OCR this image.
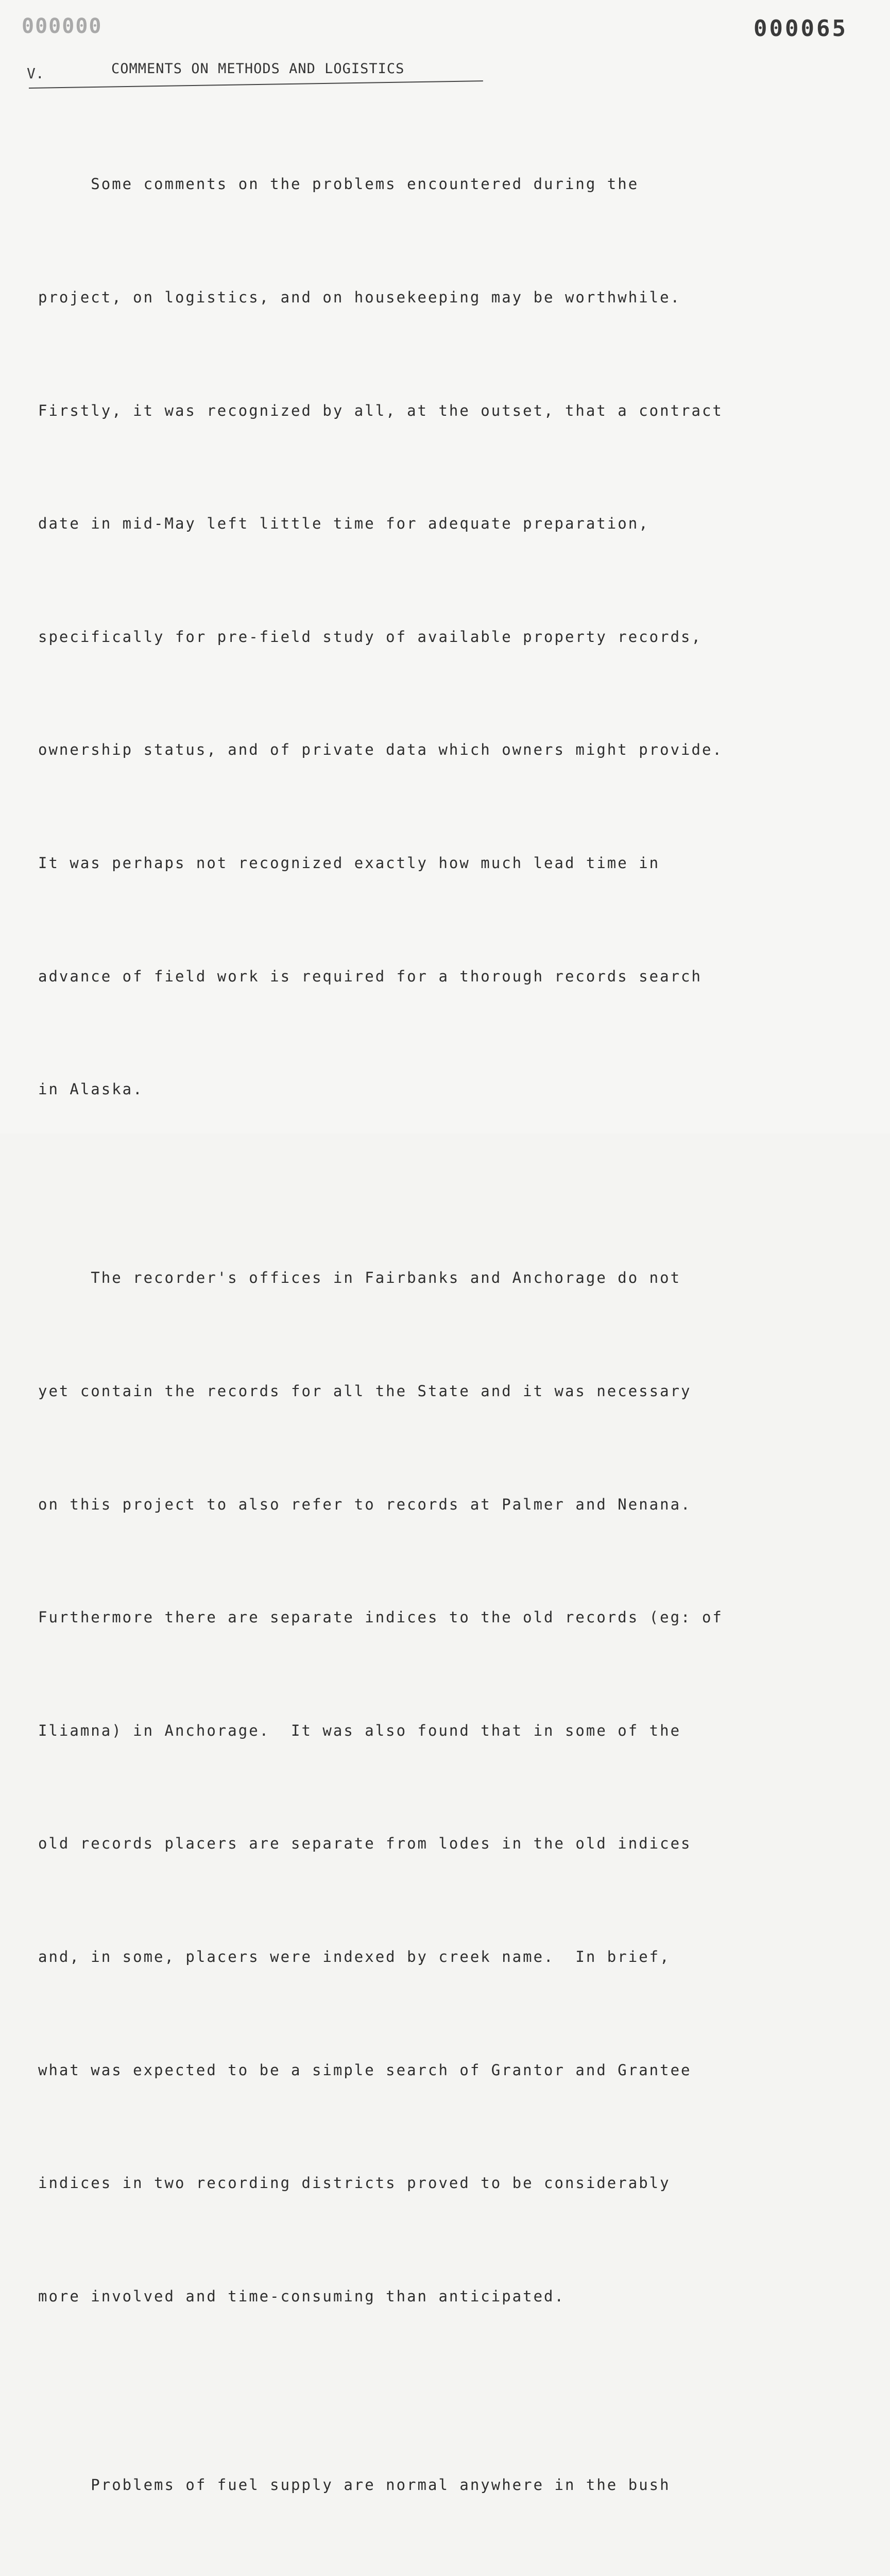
000000	000065
V.	COMMENTS ON METHODS AND LOGISTICS

Some comments on the problems encountered during the

project, on logistics, and on housekeeping may be worthwhile.

Firstly, it was recognized by all, at the outset, that a contract

date in mid-May left little time for adequate preparation,

specifically for pre-field study of available property records,

ownership status, and of private data which owners might provide.

It was perhaps not recognized exactly how much lead time in

advance of field work is required for a thorough records search

in Alaska.

The recorder's offices in Fairbanks and Anchorage do not

yet contain the records for all the State and it was necessary

on this project to also refer to records at Palmer and Nenana.

Furthermore there are separate indices to the old records (eg: of

Iliamna) in Anchorage.  It was also found that in some of the

old records placers are separate from lodes in the old indices

and, in some, placers were indexed by creek name.  In brief,

what was expected to be a simple search of Grantor and Grantee

indices in two recording districts proved to be considerably

more involved and time-consuming than anticipated.

Problems of fuel supply are normal anywhere in the bush
